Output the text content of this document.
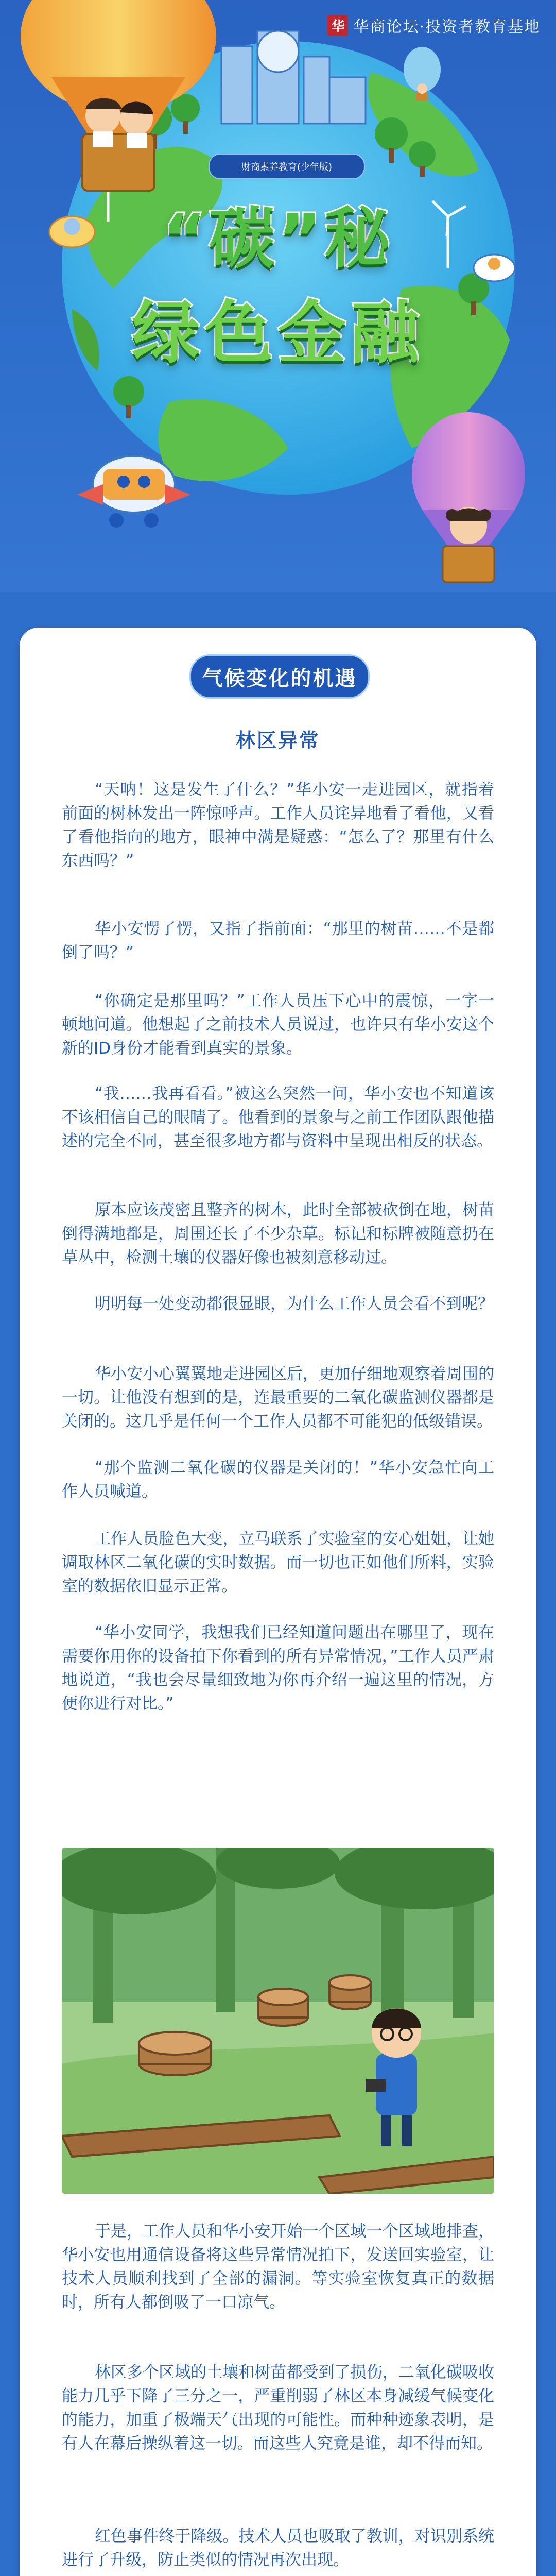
华 华商论坛·投资者教育基地
财商素养教育(少年版)
“碳”秘
绿色金融
气候变化的机遇
林区异常

“天呐！这是发生了什么？”华小安一走进园区，就指着前面的树林发出一阵惊呼声。工作人员诧异地看了看他，又看了看他指向的地方，眼神中满是疑惑：“怎么了？那里有什么东西吗？”

华小安愣了愣，又指了指前面：“那里的树苗……不是都倒了吗？”

“你确定是那里吗？”工作人员压下心中的震惊，一字一顿地问道。他想起了之前技术人员说过，也许只有华小安这个新的ID身份才能看到真实的景象。

“我……我再看看。”被这么突然一问，华小安也不知道该不该相信自己的眼睛了。他看到的景象与之前工作团队跟他描述的完全不同，甚至很多地方都与资料中呈现出相反的状态。

原本应该茂密且整齐的树木，此时全部被砍倒在地，树苗倒得满地都是，周围还长了不少杂草。标记和标牌被随意扔在草丛中，检测土壤的仪器好像也被刻意移动过。

明明每一处变动都很显眼，为什么工作人员会看不到呢？

华小安小心翼翼地走进园区后，更加仔细地观察着周围的一切。让他没有想到的是，连最重要的二氧化碳监测仪器都是关闭的。这几乎是任何一个工作人员都不可能犯的低级错误。

“那个监测二氧化碳的仪器是关闭的！”华小安急忙向工作人员喊道。

工作人员脸色大变，立马联系了实验室的安心姐姐，让她调取林区二氧化碳的实时数据。而一切也正如他们所料，实验室的数据依旧显示正常。

“华小安同学，我想我们已经知道问题出在哪里了，现在需要你用你的设备拍下你看到的所有异常情况，”工作人员严肃地说道，“我也会尽量细致地为你再介绍一遍这里的情况，方便你进行对比。”

于是，工作人员和华小安开始一个区域一个区域地排查，华小安也用通信设备将这些异常情况拍下，发送回实验室，让技术人员顺利找到了全部的漏洞。等实验室恢复真正的数据时，所有人都倒吸了一口凉气。

林区多个区域的土壤和树苗都受到了损伤，二氧化碳吸收能力几乎下降了三分之一，严重削弱了林区本身减缓气候变化的能力，加重了极端天气出现的可能性。而种种迹象表明，是有人在幕后操纵着这一切。而这些人究竟是谁，却不得而知。

红色事件终于降级。技术人员也吸取了教训，对识别系统进行了升级，防止类似的情况再次出现。
